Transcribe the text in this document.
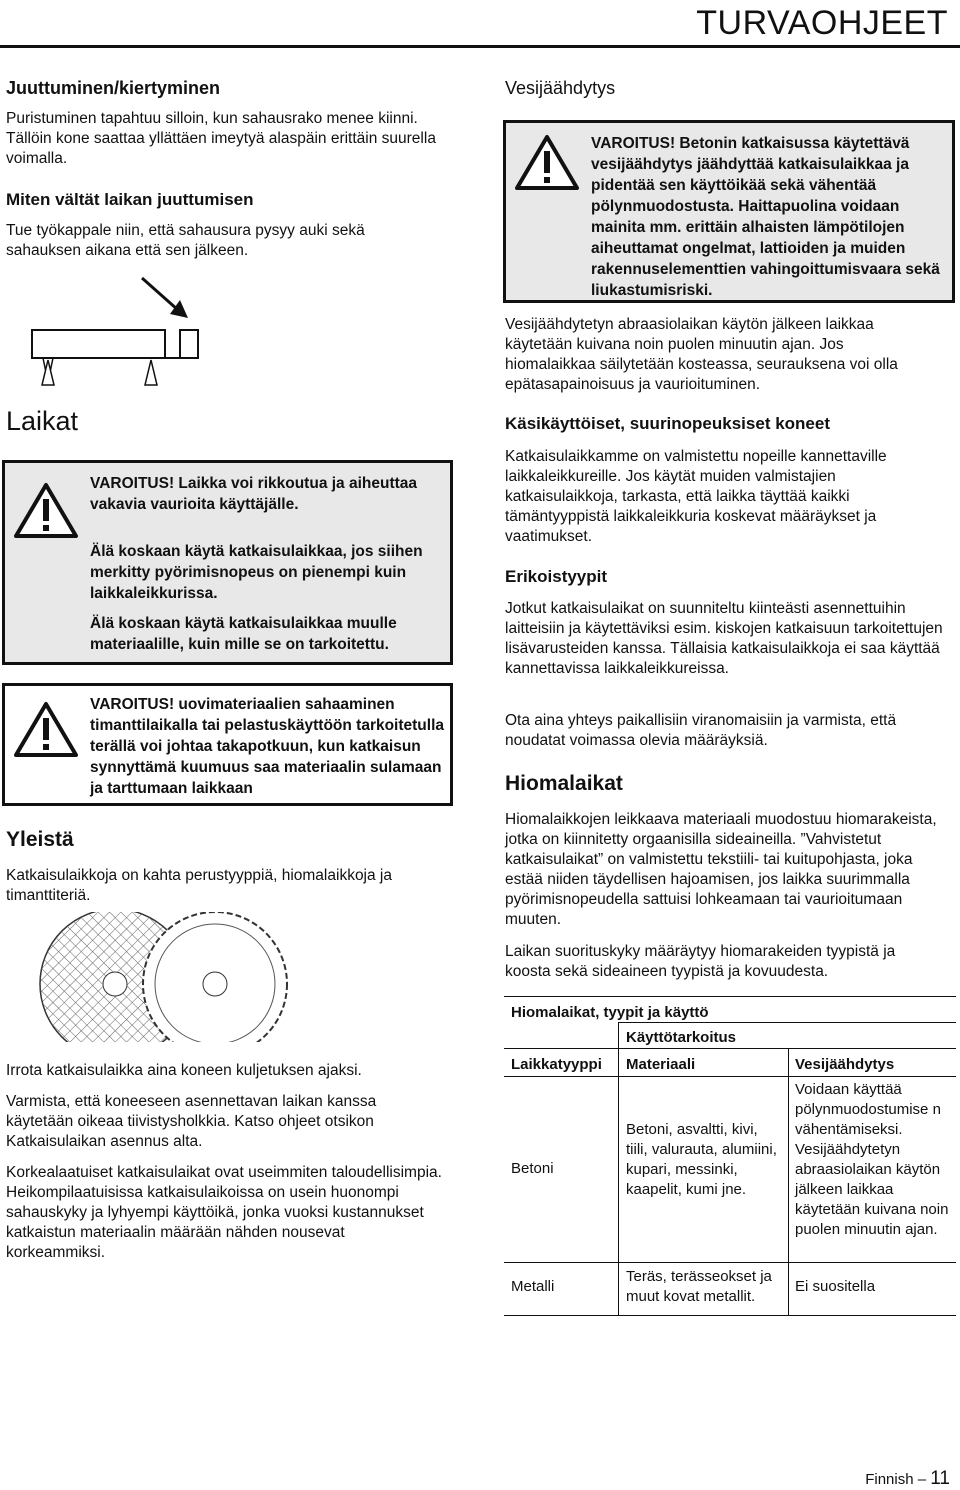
TURVAOHJEET
Juuttuminen/kiertyminen
Puristuminen tapahtuu silloin, kun sahausrako menee kiinni. Tällöin kone saattaa yllättäen imeytyä alaspäin erittäin suurella voimalla.
Miten vältät laikan juuttumisen
Tue työkappale niin, että sahausura pysyy auki sekä sahauksen aikana että sen jälkeen.
Laikat
VAROITUS! Laikka voi rikkoutua ja aiheuttaa vakavia vaurioita käyttäjälle.
Älä koskaan käytä katkaisulaikkaa, jos siihen merkitty pyörimisnopeus on pienempi kuin laikkaleikkurissa.
Älä koskaan käytä katkaisulaikkaa muulle materiaalille, kuin mille se on tarkoitettu.
VAROITUS! uovimateriaalien sahaaminen timanttilaikalla tai pelastuskäyttöön tarkoitetulla terällä voi johtaa takapotkuun, kun katkaisun synnyttämä kuumuus saa materiaalin sulamaan ja tarttumaan laikkaan
Yleistä
Katkaisulaikkoja on kahta perustyyppiä, hiomalaikkoja ja timanttiteriä.
Irrota katkaisulaikka aina koneen kuljetuksen ajaksi.
Varmista, että koneeseen asennettavan laikan kanssa käytetään oikeaa tiivistysholkkia. Katso ohjeet otsikon Katkaisulaikan asennus alta.
Korkealaatuiset katkaisulaikat ovat useimmiten taloudellisimpia. Heikompilaatuisissa katkaisulaikoissa on usein huonompi sahauskyky ja lyhyempi käyttöikä, jonka vuoksi kustannukset katkaistun materiaalin määrään nähden nousevat korkeammiksi.
Vesijäähdytys
VAROITUS! Betonin katkaisussa käytettävä vesijäähdytys jäähdyttää katkaisulaikkaa ja pidentää sen käyttöikää sekä vähentää pölynmuodostusta. Haittapuolina voidaan mainita mm. erittäin alhaisten lämpötilojen aiheuttamat ongelmat, lattioiden ja muiden rakennuselementtien vahingoittumisvaara sekä liukastumisriski.
Vesijäähdytetyn abraasiolaikan käytön jälkeen laikkaa käytetään kuivana noin puolen minuutin ajan. Jos hiomalaikkaa säilytetään kosteassa, seurauksena voi olla epätasapainoisuus ja vaurioituminen.
Käsikäyttöiset, suurinopeuksiset koneet
Katkaisulaikkamme on valmistettu nopeille kannettaville laikkaleikkureille. Jos käytät muiden valmistajien katkaisulaikkoja, tarkasta, että laikka täyttää kaikki tämäntyyppistä laikkaleikkuria koskevat määräykset ja vaatimukset.
Erikoistyypit
Jotkut katkaisulaikat on suunniteltu kiinteästi asennettuihin laitteisiin ja käytettäviksi esim. kiskojen katkaisuun tarkoitettujen lisävarusteiden kanssa. Tällaisia katkaisulaikkoja ei saa käyttää kannettavissa laikkaleikkureissa.
Ota aina yhteys paikallisiin viranomaisiin ja varmista, että noudatat voimassa olevia määräyksiä.
Hiomalaikat
Hiomalaikkojen leikkaava materiaali muodostuu hiomarakeista, jotka on kiinnitetty orgaanisilla sideaineilla. ”Vahvistetut katkaisulaikat” on valmistettu tekstiili- tai kuitupohjasta, joka estää niiden täydellisen hajoamisen, jos laikka suurimmalla pyörimisnopeudella sattuisi lohkeamaan tai vaurioitumaan muuten.
Laikan suorituskyky määräytyy hiomarakeiden tyypistä ja koosta sekä sideaineen tyypistä ja kovuudesta.
Hiomalaikat, tyypit ja käyttö
Käyttötarkoitus
Laikkatyyppi Materiaali	Vesijäähdytys
Betoni
Betoni, asvaltti, kivi, tiili, valurauta, alumiini, kupari, messinki, kaapelit, kumi jne.
Voidaan käyttää pölynmuodostumise n vähentämiseksi. Vesijäähdytetyn abraasiolaikan käytön jälkeen laikkaa käytetään kuivana noin puolen minuutin ajan.
Metalli
Teräs, terässeokset ja muut kovat metallit.
Ei suositella
Finnish – 11
